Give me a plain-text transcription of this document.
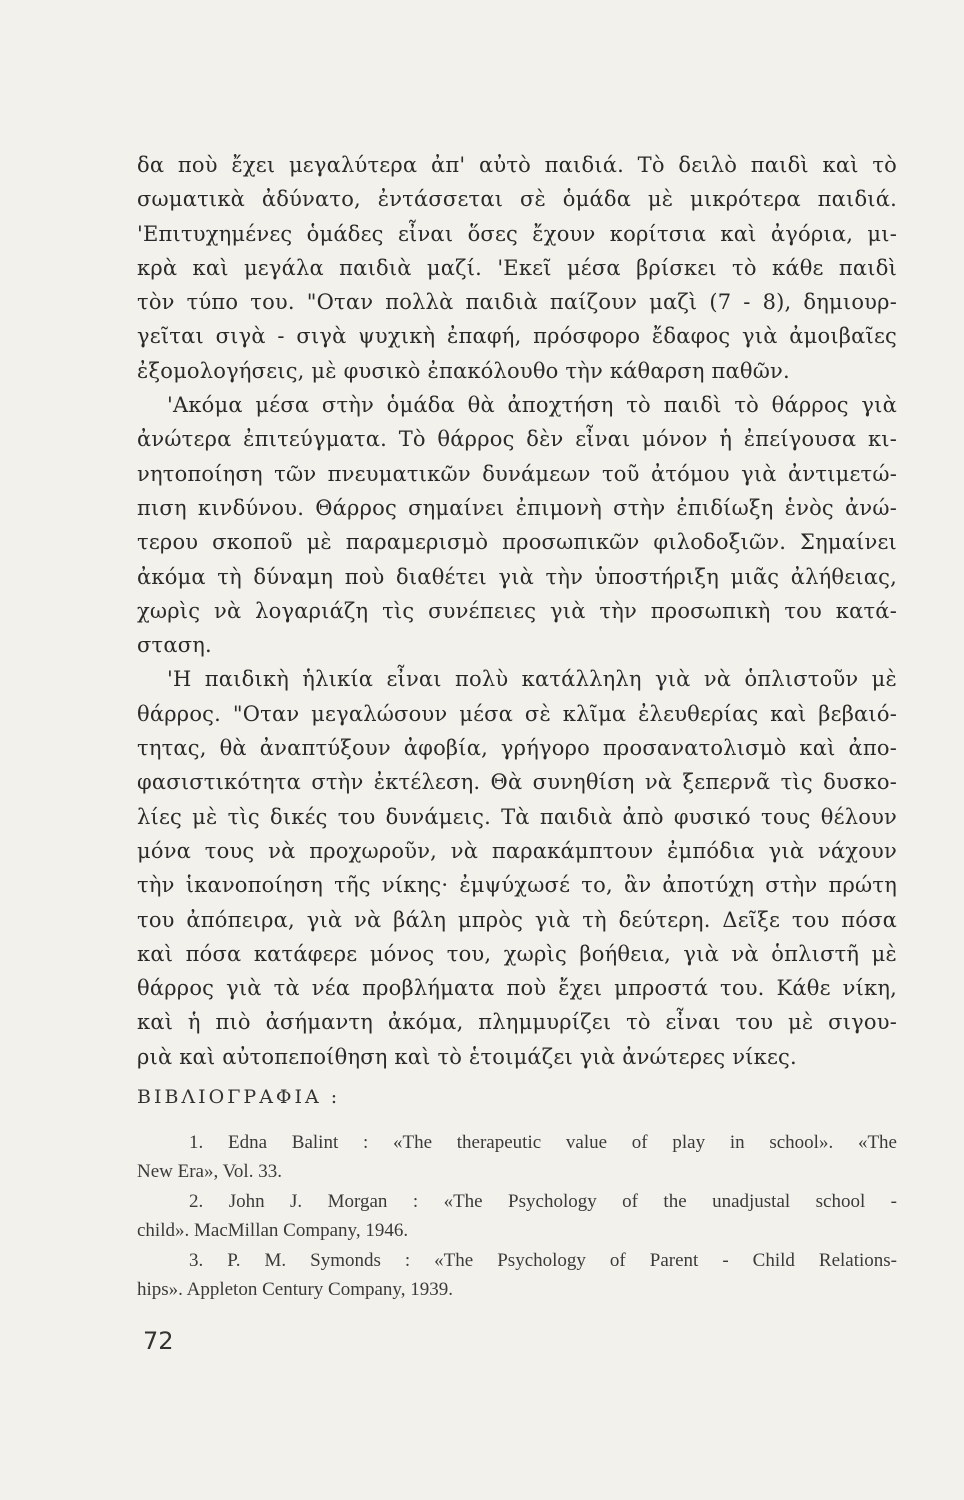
δα ποὺ ἔχει μεγαλύτερα ἀπ' αὐτὸ παιδιά. Τὸ δειλὸ παιδὶ καὶ τὸ
σωματικὰ ἀδύνατο, ἐντάσσεται σὲ ὁμάδα μὲ μικρότερα παιδιά.
'Επιτυχημένες ὁμάδες εἶναι ὅσες ἔχουν κορίτσια καὶ ἀγόρια, μι-
κρὰ καὶ μεγάλα παιδιὰ μαζί. 'Εκεῖ μέσα βρίσκει τὸ κάθε παιδὶ
τὸν τύπο του. "Οταν πολλὰ παιδιὰ παίζουν μαζὶ (7 - 8), δημιουρ-
γεῖται σιγὰ - σιγὰ ψυχικὴ ἐπαφή, πρόσφορο ἔδαφος γιὰ ἀμοιβαῖες
ἐξομολογήσεις, μὲ φυσικὸ ἐπακόλουθο τὴν κάθαρση παθῶν.
'Ακόμα μέσα στὴν ὁμάδα θὰ ἀποχτήση τὸ παιδὶ τὸ θάρρος γιὰ
ἀνώτερα ἐπιτεύγματα. Τὸ θάρρος δὲν εἶναι μόνον ἡ ἐπείγουσα κι-
νητοποίηση τῶν πνευματικῶν δυνάμεων τοῦ ἀτόμου γιὰ ἀντιμετώ-
πιση κινδύνου. Θάρρος σημαίνει ἐπιμονὴ στὴν ἐπιδίωξη ἑνὸς ἀνώ-
τερου σκοποῦ μὲ παραμερισμὸ προσωπικῶν φιλοδοξιῶν. Σημαίνει
ἀκόμα τὴ δύναμη ποὺ διαθέτει γιὰ τὴν ὑποστήριξη μιᾶς ἀλήθειας,
χωρὶς νὰ λογαριάζη τὶς συνέπειες γιὰ τὴν προσωπικὴ του κατά-
σταση.
'Η παιδικὴ ἡλικία εἶναι πολὺ κατάλληλη γιὰ νὰ ὁπλιστοῦν μὲ
θάρρος. "Οταν μεγαλώσουν μέσα σὲ κλῖμα ἐλευθερίας καὶ βεβαιό-
τητας, θὰ ἀναπτύξουν ἀφοβία, γρήγορο προσανατολισμὸ καὶ ἀπο-
φασιστικότητα στὴν ἐκτέλεση. Θὰ συνηθίση νὰ ξεπερνᾶ τὶς δυσκο-
λίες μὲ τὶς δικές του δυνάμεις. Τὰ παιδιὰ ἀπὸ φυσικό τους θέλουν
μόνα τους νὰ προχωροῦν, νὰ παρακάμπτουν ἐμπόδια γιὰ νάχουν
τὴν ἱκανοποίηση τῆς νίκης· ἐμψύχωσέ το, ἂν ἀποτύχη στὴν πρώτη
του ἀπόπειρα, γιὰ νὰ βάλη μπρὸς γιὰ τὴ δεύτερη. Δεῖξε του πόσα
καὶ πόσα κατάφερε μόνος του, χωρὶς βοήθεια, γιὰ νὰ ὁπλιστῆ μὲ
θάρρος γιὰ τὰ νέα προβλήματα ποὺ ἔχει μπροστά του. Κάθε νίκη,
καὶ ἡ πιὸ ἀσήμαντη ἀκόμα, πλημμυρίζει τὸ εἶναι του μὲ σιγου-
ριὰ καὶ αὐτοπεποίθηση καὶ τὸ ἑτοιμάζει γιὰ ἀνώτερες νίκες.
ΒΙΒΛΙΟΓΡΑΦΙΑ :
1. Edna Balint : «The therapeutic value of play in school». «The
New Era», Vol. 33.
2. John J. Morgan : «The Psychology of the unadjustal school -
child». MacMillan Company, 1946.
3. P. M. Symonds : «The Psychology of Parent - Child Relations-
hips». Appleton Century Company, 1939.
72
